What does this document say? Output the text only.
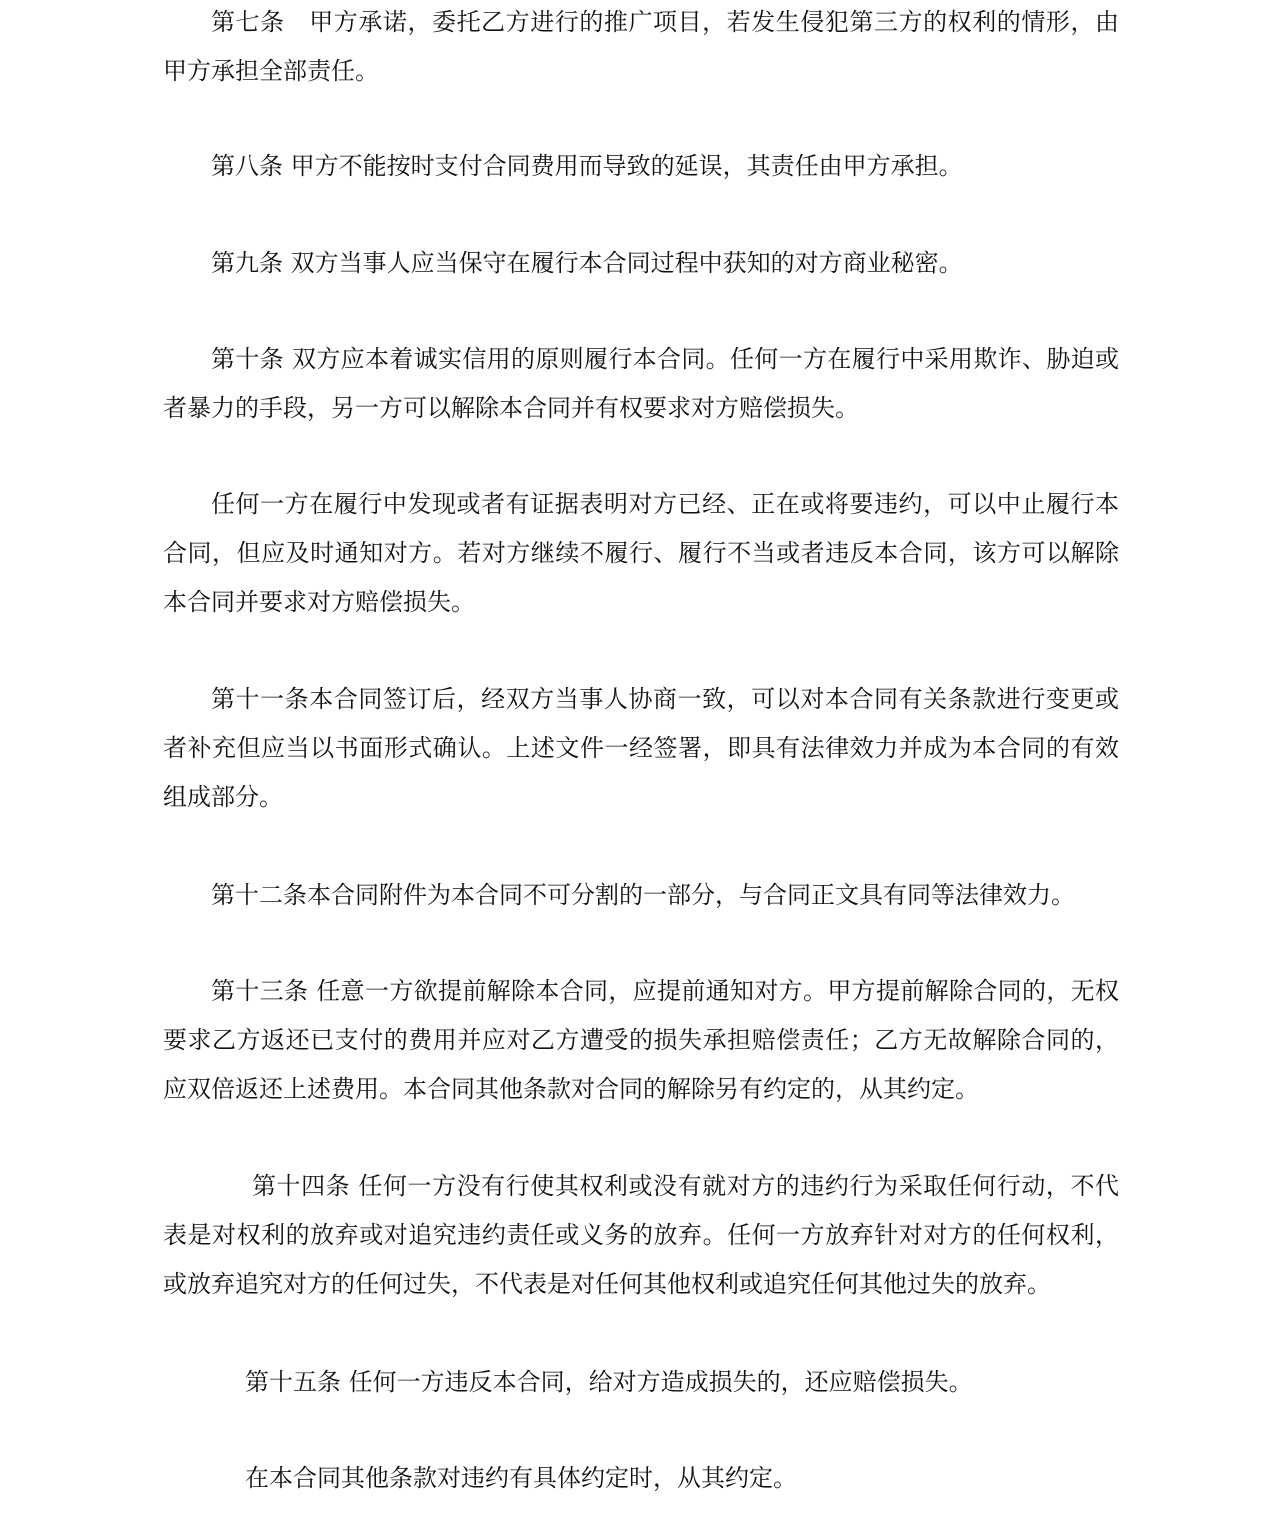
第七条　 甲方承诺，委托乙方进行的推广项目，若发生侵犯第三方的权利的情形，由甲方承担全部责任。

第八条 甲方不能按时支付合同费用而导致的延误，其责任由甲方承担。

第九条 双方当事人应当保守在履行本合同过程中获知的对方商业秘密。

第十条 双方应本着诚实信用的原则履行本合同。任何一方在履行中采用欺诈、胁迫或者暴力的手段，另一方可以解除本合同并有权要求对方赔偿损失。

任何一方在履行中发现或者有证据表明对方已经、正在或将要违约，可以中止履行本合同，但应及时通知对方。若对方继续不履行、履行不当或者违反本合同，该方可以解除本合同并要求对方赔偿损失。

第十一条本合同签订后，经双方当事人协商一致，可以对本合同有关条款进行变更或者补充但应当以书面形式确认。上述文件一经签署，即具有法律效力并成为本合同的有效组成部分。

第十二条本合同附件为本合同不可分割的一部分，与合同正文具有同等法律效力。

第十三条 任意一方欲提前解除本合同，应提前通知对方。甲方提前解除合同的，无权要求乙方返还已支付的费用并应对乙方遭受的损失承担赔偿责任；乙方无故解除合同的，应双倍返还上述费用。本合同其他条款对合同的解除另有约定的，从其约定。

第十四条 任何一方没有行使其权利或没有就对方的违约行为采取任何行动，不代表是对权利的放弃或对追究违约责任或义务的放弃。任何一方放弃针对对方的任何权利，或放弃追究对方的任何过失，不代表是对任何其他权利或追究任何其他过失的放弃。

第十五条 任何一方违反本合同，给对方造成损失的，还应赔偿损失。

在本合同其他条款对违约有具体约定时，从其约定。
